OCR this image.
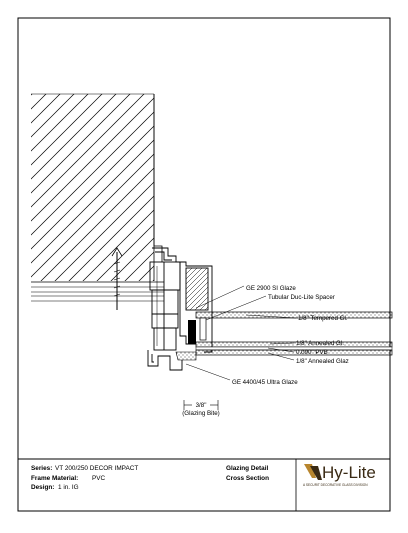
GE 2900 SI Glaze
Tubular Duc-Lite Spacer
1/8" Tempered Gl.
1/8" Annealed Gl.
0.090" PVB
1/8" Annealed Glaz
GE 4400/45 Ultra Glaze
3/8"
(Glazing Bite)
Series: VT 200/250 DECOR IMPACT
Frame Material: PVC
Design: 1 in. IG
Glazing Detail
Cross Section	Hy-Lite
A SECURIT DECORATIVE GLASS DIVISION
